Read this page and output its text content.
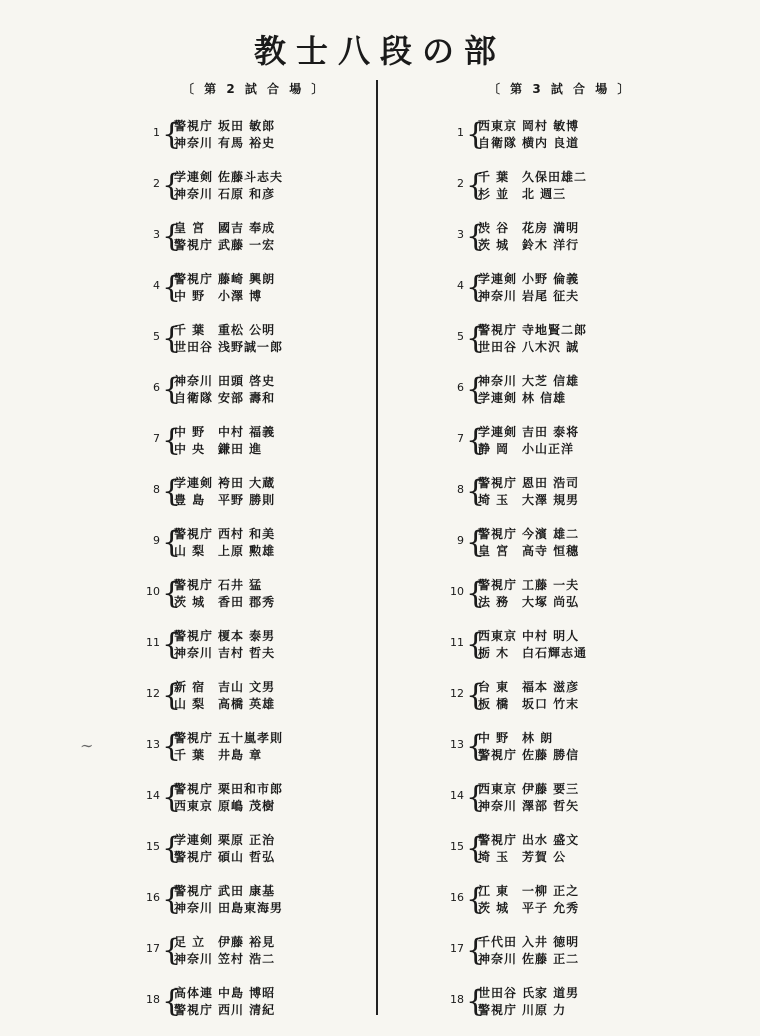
教士八段の部
〔 第 2 試 合 場 〕	〔 第 3 試 合 場 〕
∼
1 {
警視庁 坂田 敏郎
神奈川 有馬 裕史
2 {
学連剣 佐藤斗志夫
神奈川 石原 和彦
3 {
皇 宮 國吉 奉成
警視庁 武藤 一宏
4 {
警視庁 藤崎 興朗
中 野 小澤 博
5 {
千 葉 重松 公明
世田谷 浅野誠一郎
6 {
神奈川 田頭 啓史
自衛隊 安部 壽和
7 {
中 野 中村 福義
中 央 鎌田 進
8 {
学連剣 袴田 大蔵
豊 島 平野 勝則
9 {
警視庁 西村 和美
山 梨 上原 勲雄
10 {
警視庁 石井 猛
茨 城 香田 郡秀
11 {
警視庁 榎本 泰男
神奈川 吉村 哲夫
12 {
新 宿 吉山 文男
山 梨 高橋 英雄
13 {
警視庁 五十嵐孝則
千 葉 井島 章
14 {
警視庁 栗田和市郎
西東京 原嶋 茂樹
15 {
学連剣 栗原 正治
警視庁 碩山 哲弘
16 {
警視庁 武田 康基
神奈川 田島東海男
17 {
足 立 伊藤 裕見
神奈川 笠村 浩二
18 {
高体連 中島 博昭
警視庁 西川 清紀
1 {
西東京 岡村 敏博
自衛隊 横内 良道
2 {
千 葉 久保田雄二
杉 並 北 週三
3 {
渋 谷 花房 満明
茨 城 鈴木 洋行
4 {
学連剣 小野 倫義
神奈川 岩尾 征夫
5 {
警視庁 寺地賢二郎
世田谷 八木沢 誠
6 {
神奈川 大芝 信雄
学連剣 林 信雄
7 {
学連剣 吉田 泰将
静 岡 小山正洋
8 {
警視庁 恩田 浩司
埼 玉 大澤 規男
9 {
警視庁 今濱 雄二
皇 宮 高寺 恒穗
10 {
警視庁 工藤 一夫
法 務 大塚 尚弘
11 {
西東京 中村 明人
栃 木 白石輝志通
12 {
台 東 福本 滋彦
板 橋 坂口 竹末
13 {
中 野 林 朗
警視庁 佐藤 勝信
14 {
西東京 伊藤 要三
神奈川 澤部 哲矢
15 {
警視庁 出水 盛文
埼 玉 芳賀 公
16 {
江 東 一柳 正之
茨 城 平子 允秀
17 {
千代田 入井 徳明
神奈川 佐藤 正二
18 {
世田谷 氏家 道男
警視庁 川原 力
